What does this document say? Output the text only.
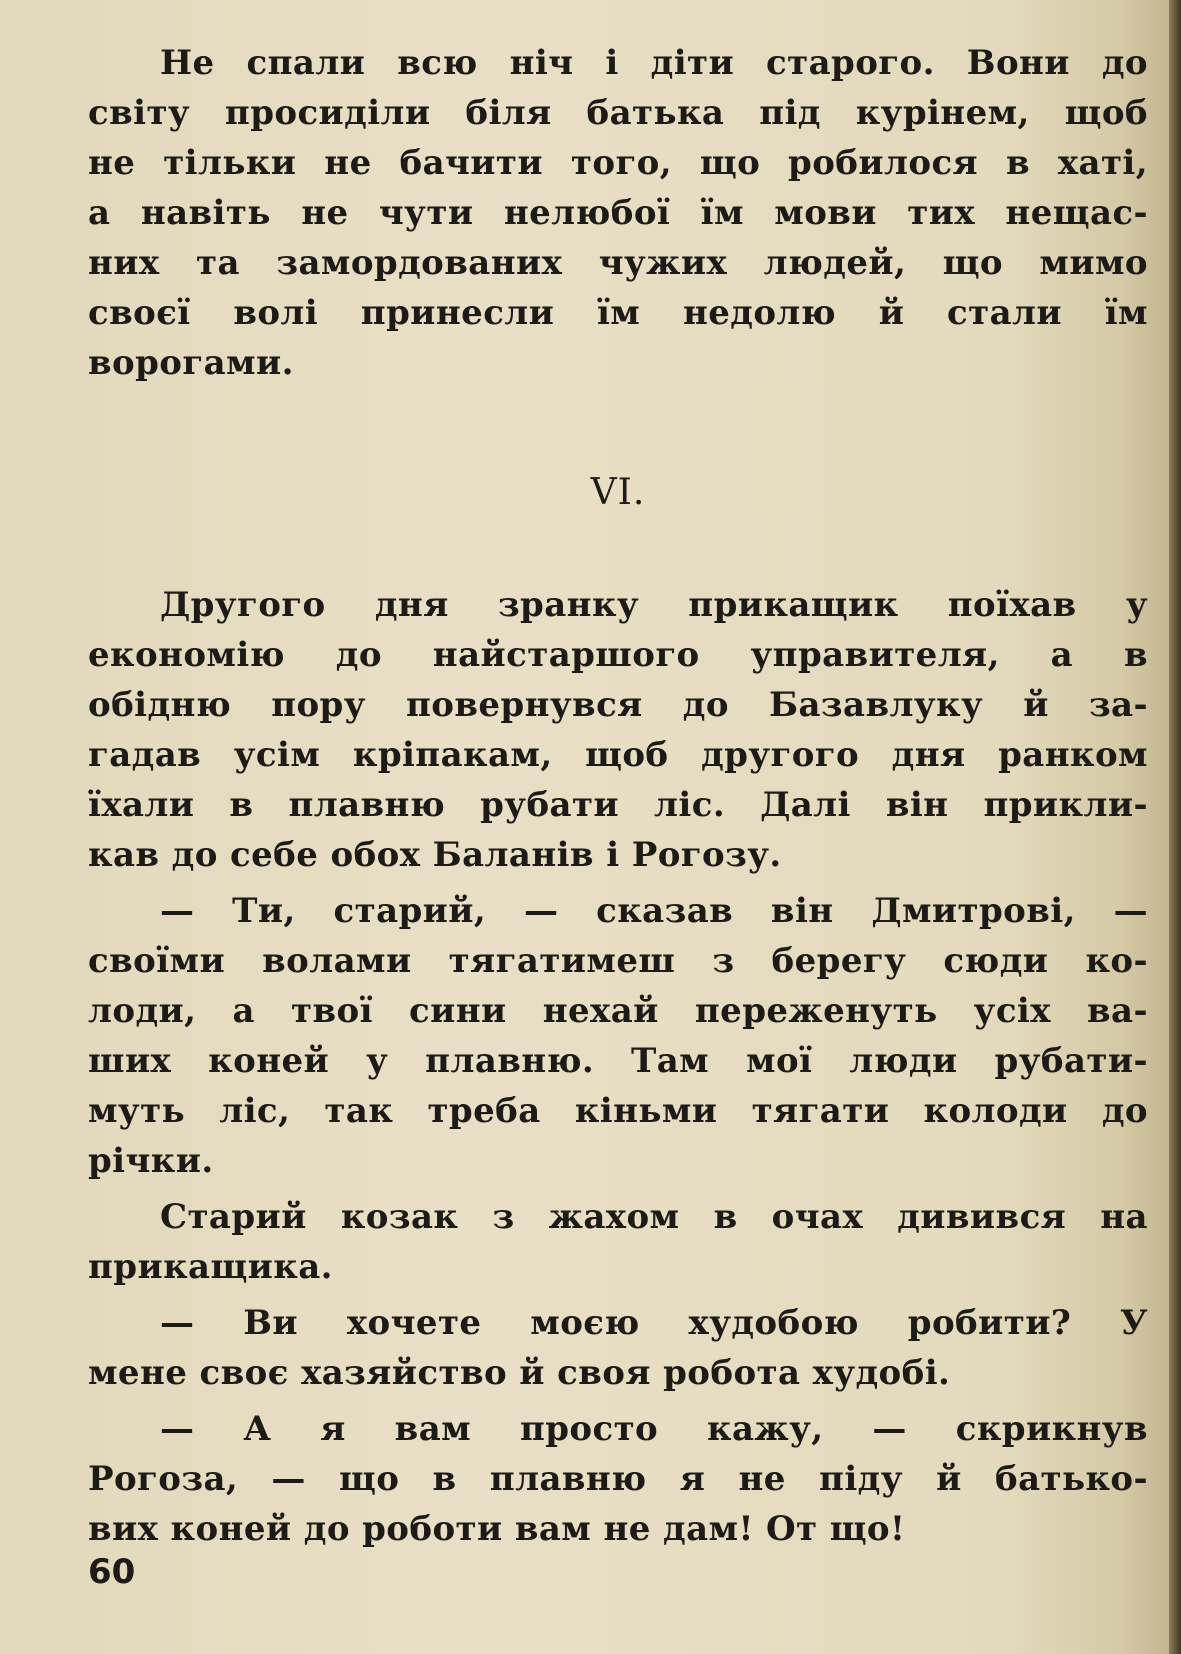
Не спали всю ніч і діти старого. Вони до
світу просиділи біля батька під курінем, щоб
не тільки не бачити того, що робилося в хаті,
а навіть не чути нелюбої їм мови тих нещас-
них та замордованих чужих людей, що мимо
своєї волі принесли їм недолю й стали їм
ворогами.
VI.
Другого дня зранку прикащик поїхав у
економію до найстаршого управителя, а в
обідню пору повернувся до Базавлуку й за-
гадав усім кріпакам, щоб другого дня ранком
їхали в плавню рубати ліс. Далі він прикли-
кав до себе обох Баланів і Рогозу.
— Ти, старий, — сказав він Дмитрові, —
своїми волами тягатимеш з берегу сюди ко-
лоди, а твої сини нехай переженуть усіх ва-
ших коней у плавню. Там мої люди рубати-
муть ліс, так треба кіньми тягати колоди до
річки.
Старий козак з жахом в очах дивився на
прикащика.
— Ви хочете моєю худобою робити? У
мене своє хазяйство й своя робота худобі.
— А я вам просто кажу, — скрикнув
Рогоза, — що в плавню я не піду й батько-
вих коней до роботи вам не дам! От що!
60
